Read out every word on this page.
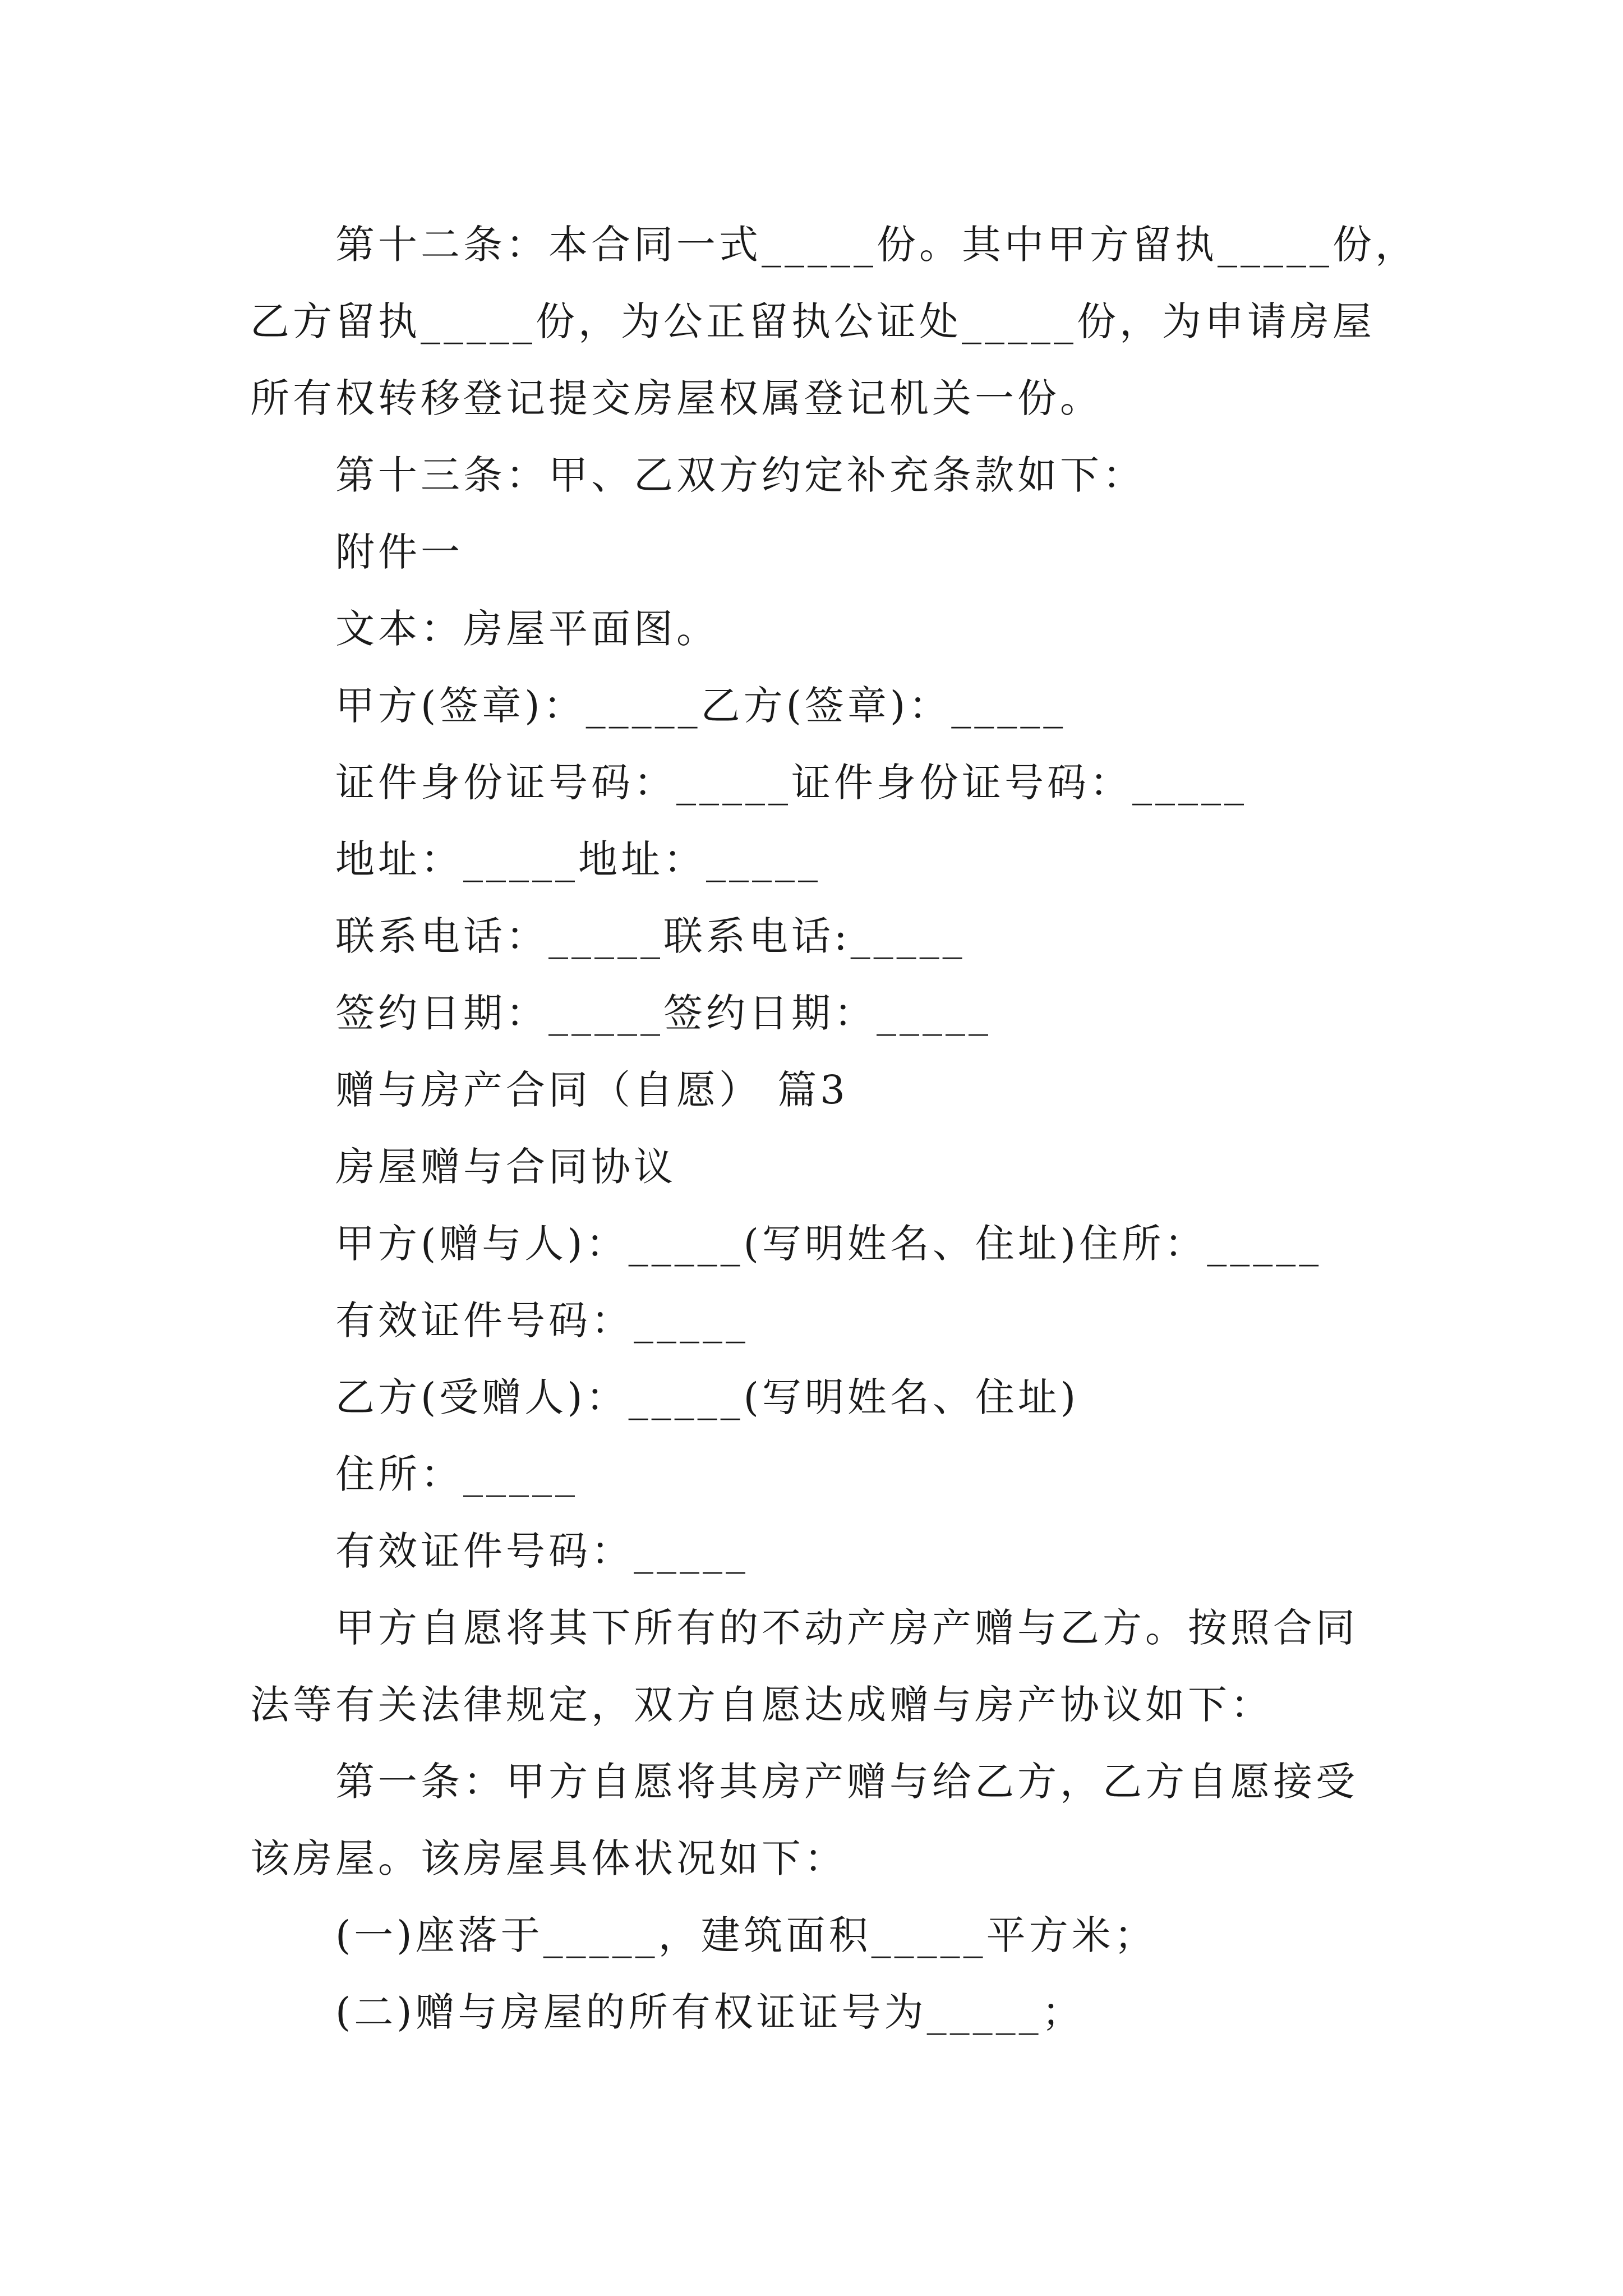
第十二条：本合同一式_____份。其中甲方留执_____份，
乙方留执_____份，为公正留执公证处_____份，为申请房屋
所有权转移登记提交房屋权属登记机关一份。
第十三条：甲、乙双方约定补充条款如下：
附件一
文本：房屋平面图。
甲方(签章)：_____乙方(签章)：_____
证件身份证号码：_____证件身份证号码：_____
地址：_____地址：_____
联系电话：_____联系电话:_____
签约日期：_____签约日期：_____
赠与房产合同（自愿） 篇3
房屋赠与合同协议
甲方(赠与人)：_____(写明姓名、住址)住所：_____
有效证件号码：_____
乙方(受赠人)：_____(写明姓名、住址)
住所：_____
有效证件号码：_____
甲方自愿将其下所有的不动产房产赠与乙方。按照合同
法等有关法律规定，双方自愿达成赠与房产协议如下：
第一条：甲方自愿将其房产赠与给乙方，乙方自愿接受
该房屋。该房屋具体状况如下：
(一)座落于_____，建筑面积_____平方米；
(二)赠与房屋的所有权证证号为_____；
